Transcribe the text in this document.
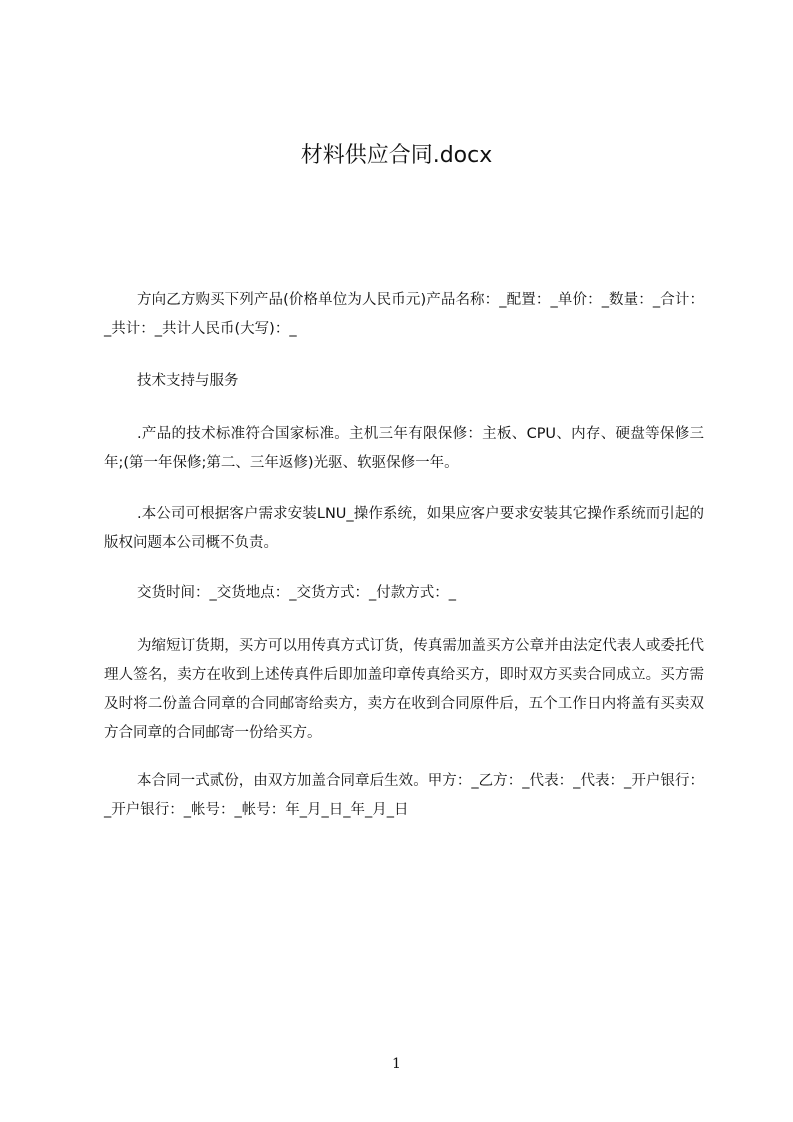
材料供应合同.docx
方向乙方购买下列产品(价格单位为人民币元)产品名称：_配置：_单价：_数量：_合计：_共计：_共计人民币(大写)：_
技术支持与服务
.产品的技术标准符合国家标准。主机三年有限保修：主板、CPU、内存、硬盘等保修三年;(第一年保修;第二、三年返修)光驱、软驱保修一年。
.本公司可根据客户需求安装LNU_操作系统，如果应客户要求安装其它操作系统而引起的版权问题本公司概不负责。
交货时间：_交货地点：_交货方式：_付款方式：_
为缩短订货期，买方可以用传真方式订货，传真需加盖买方公章并由法定代表人或委托代理人签名，卖方在收到上述传真件后即加盖印章传真给买方，即时双方买卖合同成立。买方需及时将二份盖合同章的合同邮寄给卖方，卖方在收到合同原件后，五个工作日内将盖有买卖双方合同章的合同邮寄一份给买方。
本合同一式贰份，由双方加盖合同章后生效。甲方：_乙方：_代表：_代表：_开户银行：_开户银行：_帐号：_帐号：年_月_日_年_月_日
1
